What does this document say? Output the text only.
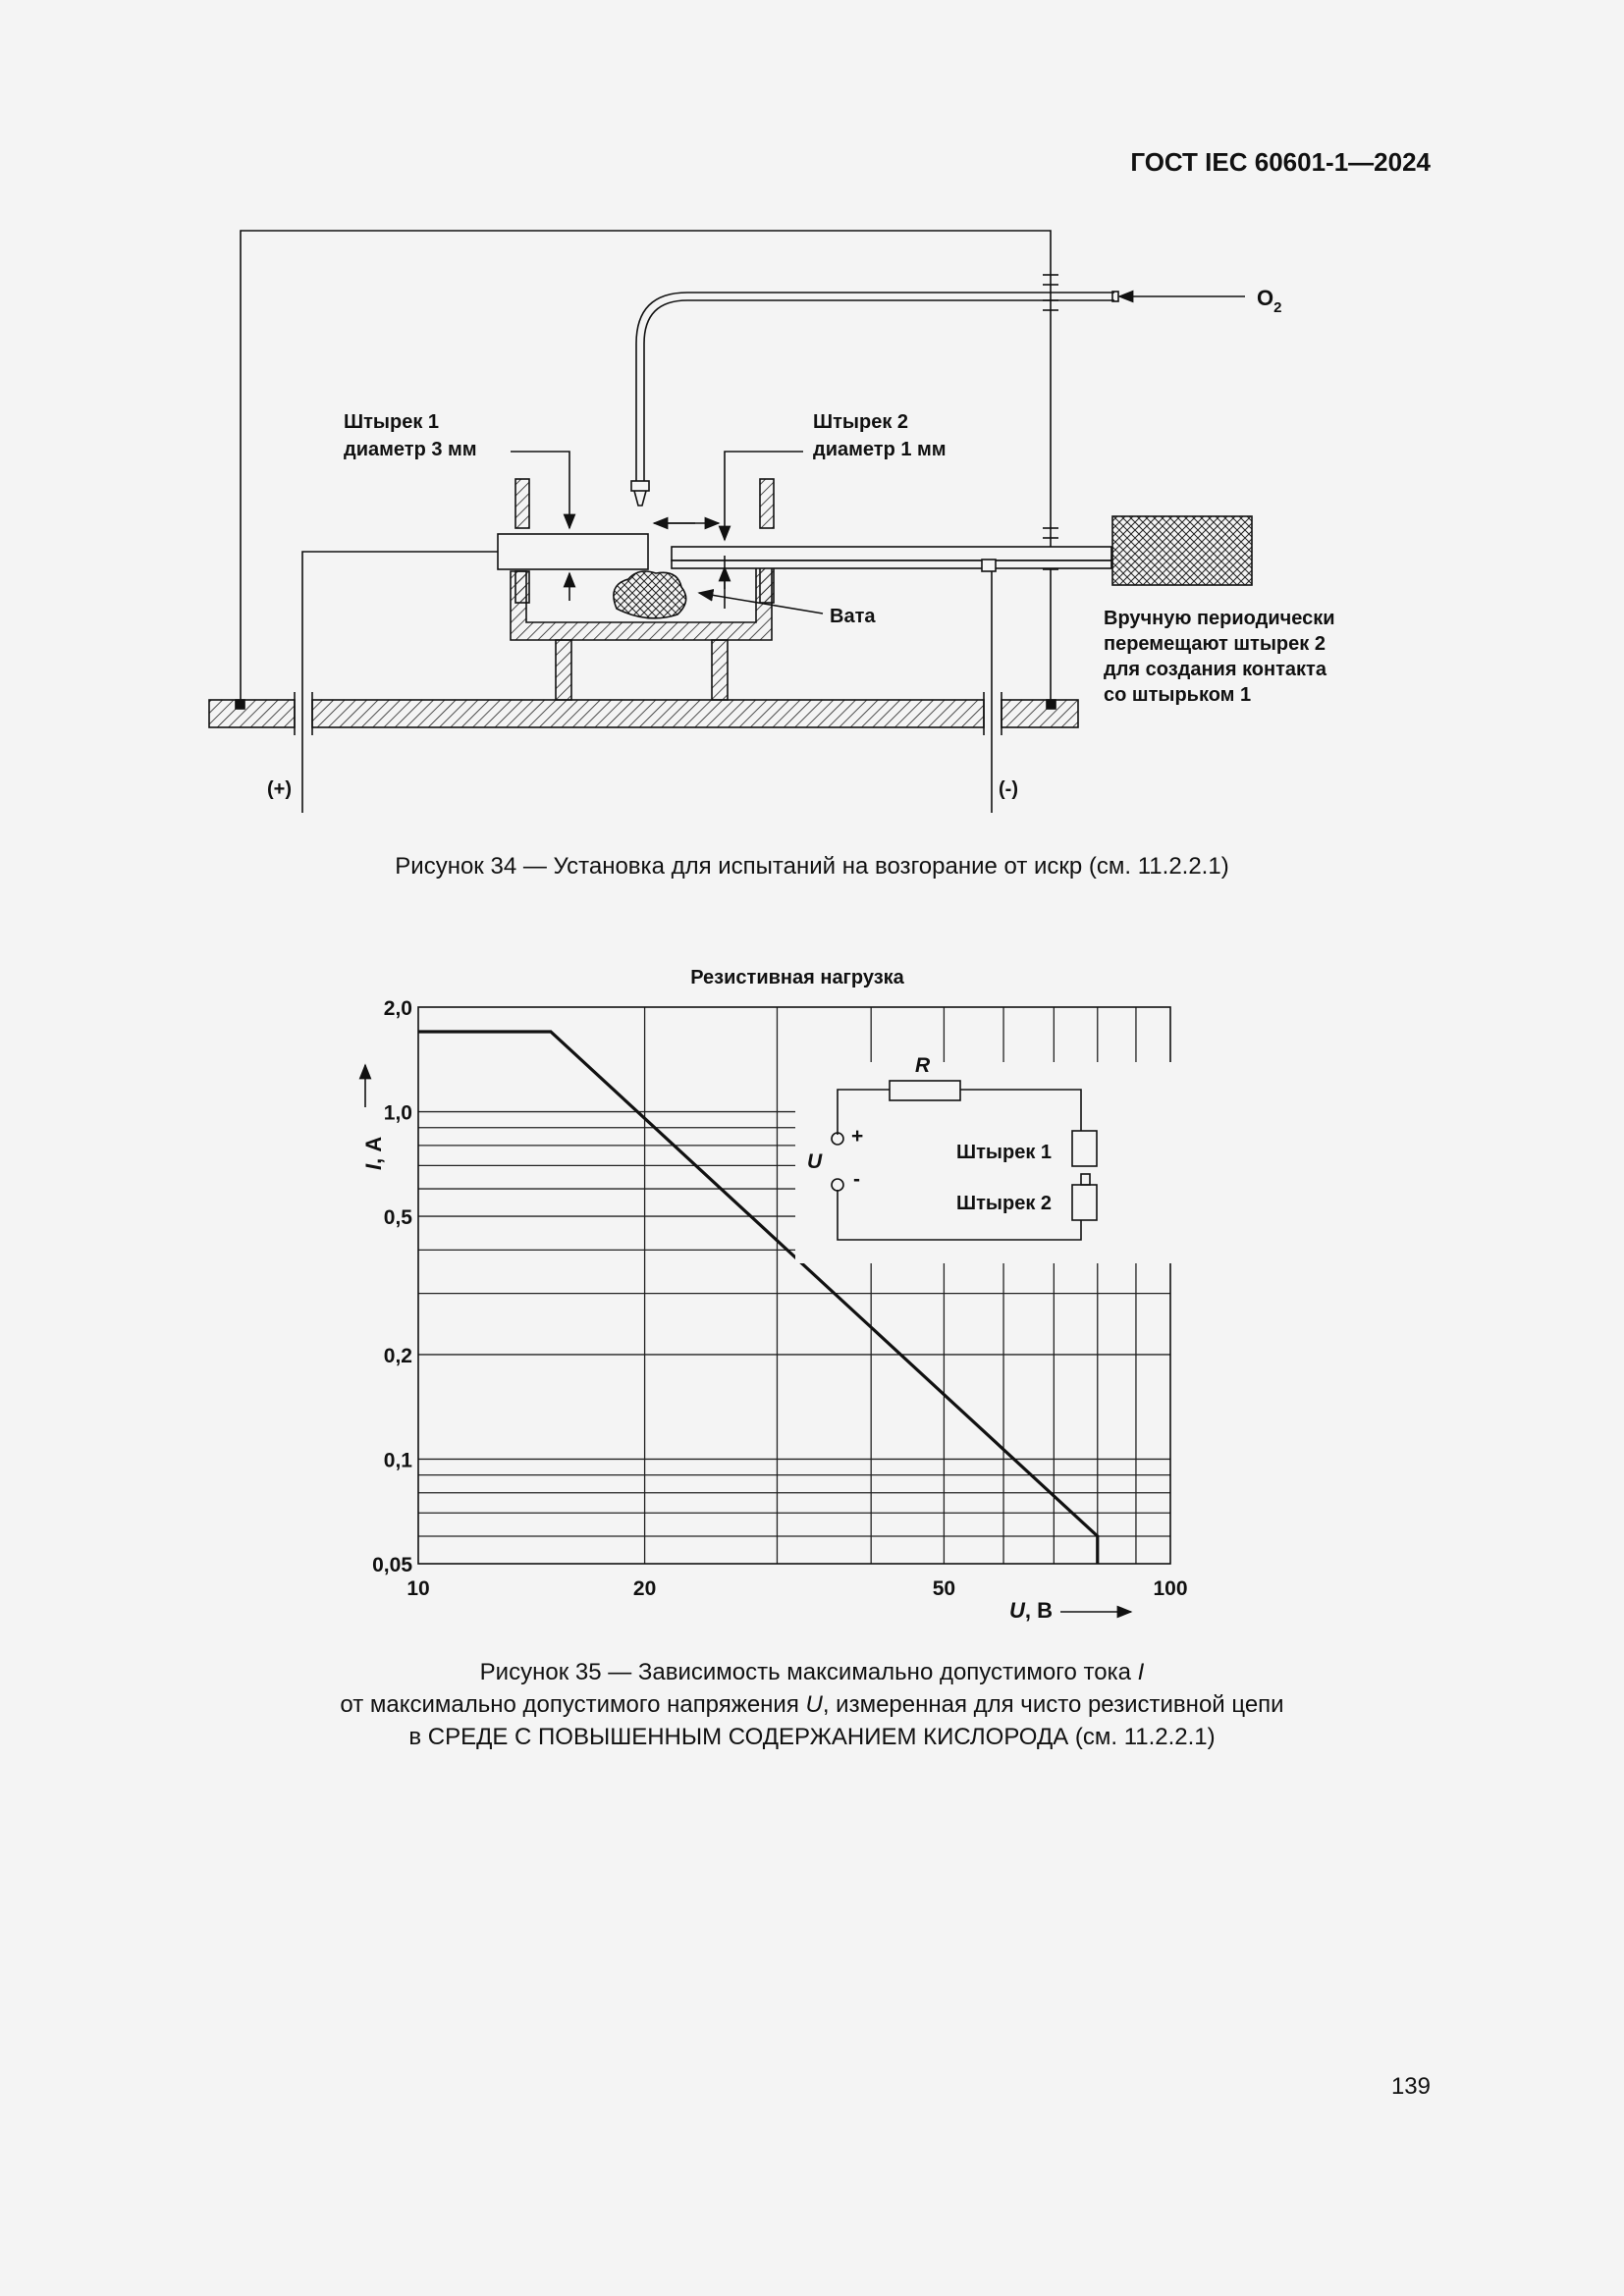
ГОСТ IEC 60601-1—2024
$O_2$
Штырек 1
диаметр 3 мм
Штырек 2
диаметр 1 мм
Вата	Вручную периодически
перемещают штырек 2
для создания контакта
со штырьком 1
(+)	(-)
Рисунок 34 — Установка для испытаний на возгорание от искр (см. 11.2.2.1)
Резистивная нагрузка
10	20	50	100
0,05
0,1
0,2
0,5
1,0
2,0
U, В
I, А
R
U
+
-
Штырек 1
Штырек 2
Рисунок 35 — Зависимость максимально допустимого тока I
от максимально допустимого напряжения U, измеренная для чисто резистивной цепи
в СРЕДЕ С ПОВЫШЕННЫМ СОДЕРЖАНИЕМ КИСЛОРОДА (см. 11.2.2.1)
139
